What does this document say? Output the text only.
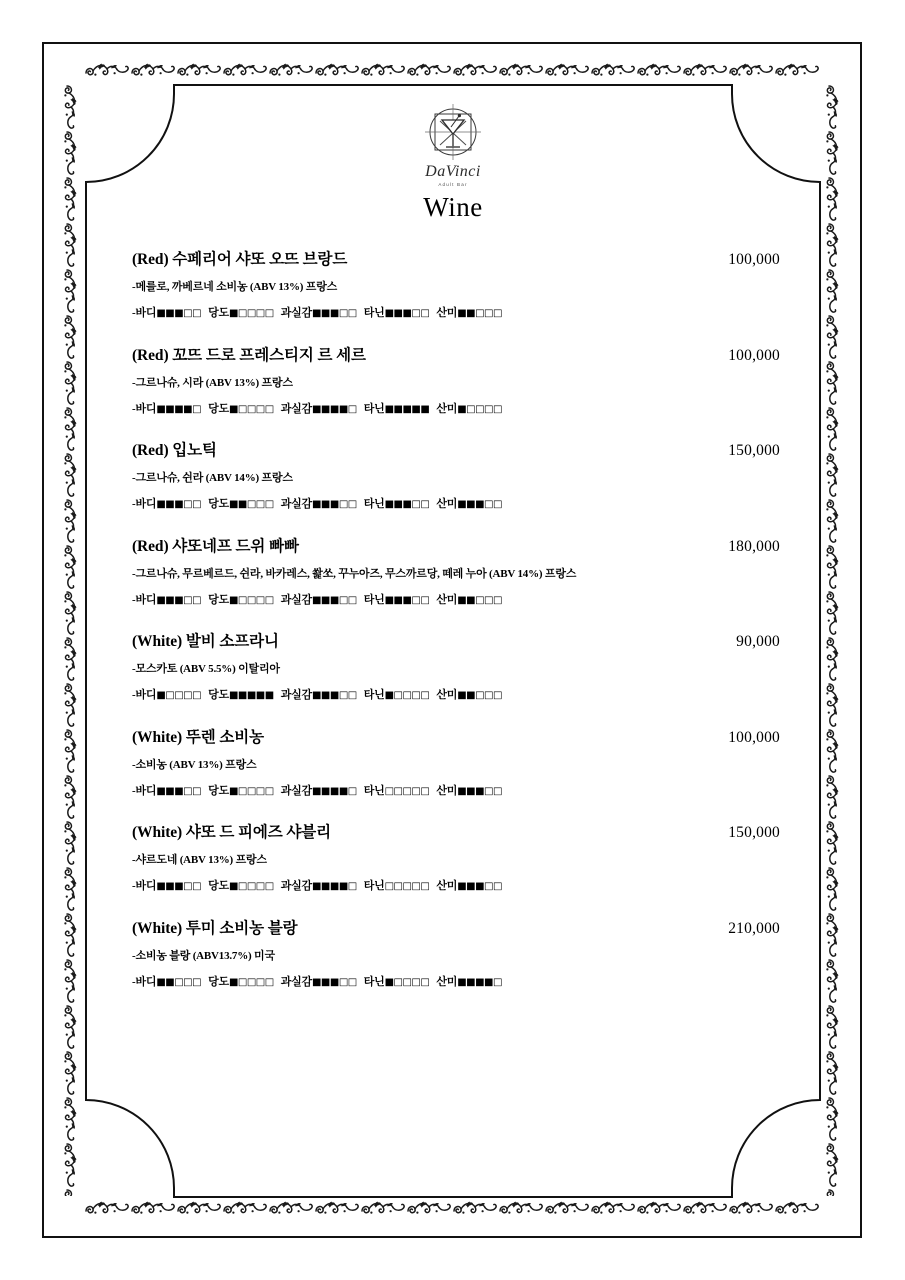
DaVinci
Adult Bar
Wine
(Red) 수페리어 샤또 오뜨 브랑드	100,000
-메를로, 까베르네 소비농 (ABV 13%) 프랑스
-바디■■■□□ 당도■□□□□ 과실감■■■□□ 타닌■■■□□ 산미■■□□□
(Red) 꼬뜨 드로 프레스티지 르 세르	100,000
-그르나슈, 시라 (ABV 13%) 프랑스
-바디■■■■□ 당도■□□□□ 과실감■■■■□ 타닌■■■■■ 산미■□□□□
(Red) 입노틱	150,000
-그르나슈, 쉰라 (ABV 14%) 프랑스
-바디■■■□□ 당도■■□□□ 과실감■■■□□ 타닌■■■□□ 산미■■■□□
(Red) 샤또네프 드위 빠빠	180,000
-그르나슈, 무르베르드, 쉰라, 바카레스, 쐁쏘, 꾸누아즈, 무스까르당, 떼레 누아 (ABV 14%) 프랑스
-바디■■■□□ 당도■□□□□ 과실감■■■□□ 타닌■■■□□ 산미■■□□□
(White) 발비 소프라니	90,000
-모스카토 (ABV 5.5%) 이탈리아
-바디■□□□□ 당도■■■■■ 과실감■■■□□ 타닌■□□□□ 산미■■□□□
(White) 뚜렌 소비농	100,000
-소비농 (ABV 13%) 프랑스
-바디■■■□□ 당도■□□□□ 과실감■■■■□ 타닌□□□□□ 산미■■■□□
(White) 샤또 드 피에즈 샤블리	150,000
-샤르도네 (ABV 13%) 프랑스
-바디■■■□□ 당도■□□□□ 과실감■■■■□ 타닌□□□□□ 산미■■■□□
(White) 투미 소비농 블랑	210,000
-소비농 블랑 (ABV13.7%) 미국
-바디■■□□□ 당도■□□□□ 과실감■■■□□ 타닌■□□□□ 산미■■■■□
